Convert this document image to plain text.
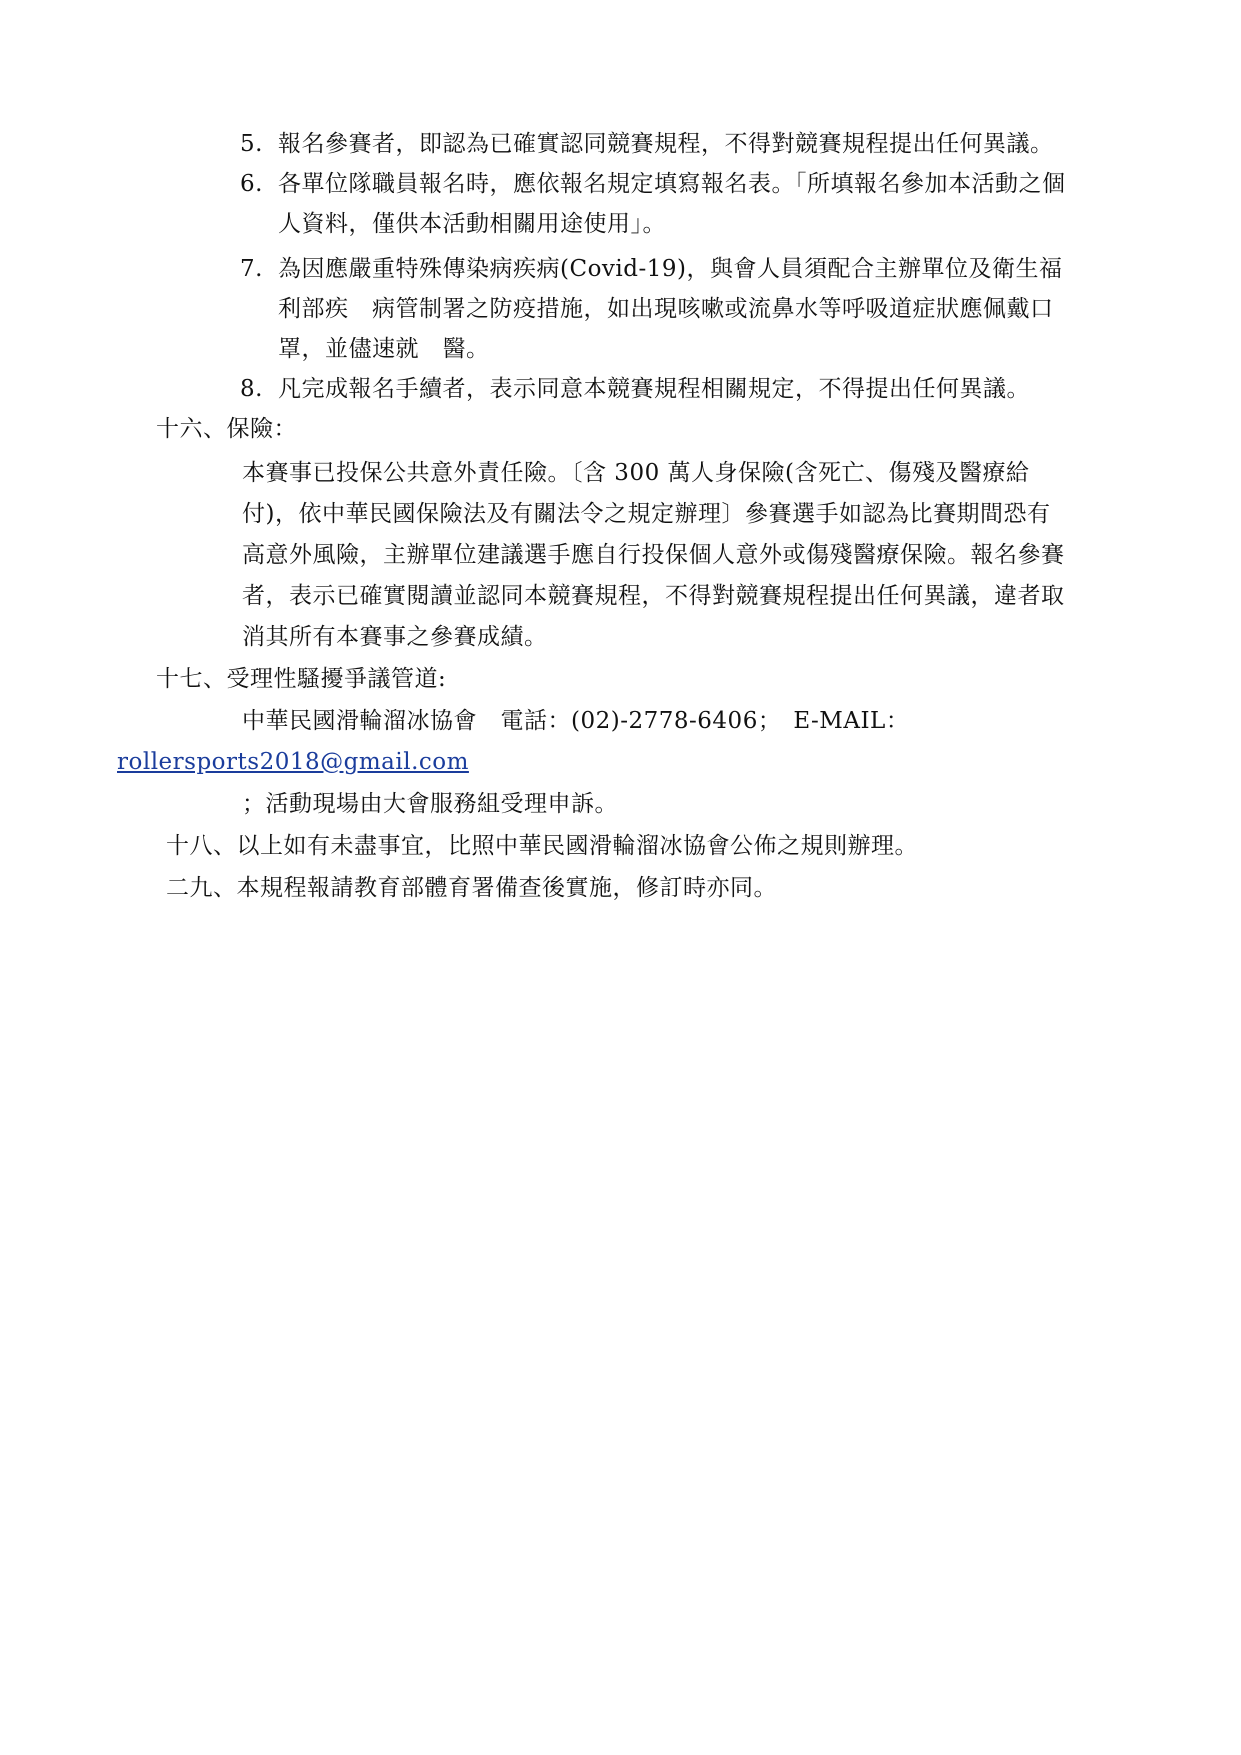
5. 報名參賽者，即認為已確實認同競賽規程，不得對競賽規程提出任何異議。
6. 各單位隊職員報名時，應依報名規定填寫報名表。「所填報名參加本活動之個
人資料，僅供本活動相關用途使用」。
7. 為因應嚴重特殊傳染病疾病(Covid-19)，與會人員須配合主辦單位及衛生福
利部疾　病管制署之防疫措施，如出現咳嗽或流鼻水等呼吸道症狀應佩戴口
罩，並儘速就　醫。
8. 凡完成報名手續者，表示同意本競賽規程相關規定，不得提出任何異議。
十六、保險：
本賽事已投保公共意外責任險。〔含 300 萬人身保險(含死亡、傷殘及醫療給
付)，依中華民國保險法及有關法令之規定辦理〕參賽選手如認為比賽期間恐有
高意外風險，主辦單位建議選手應自行投保個人意外或傷殘醫療保險。報名參賽
者，表示已確實閱讀並認同本競賽規程，不得對競賽規程提出任何異議，違者取
消其所有本賽事之參賽成績。
十七、受理性騷擾爭議管道:
中華民國滑輪溜冰協會　電話：(02)-2778-6406；　E-MAIL：
rollersports2018@gmail.com
；活動現場由大會服務組受理申訴。
十八、以上如有未盡事宜，比照中華民國滑輪溜冰協會公佈之規則辦理。
二九、本規程報請教育部體育署備查後實施，修訂時亦同。
